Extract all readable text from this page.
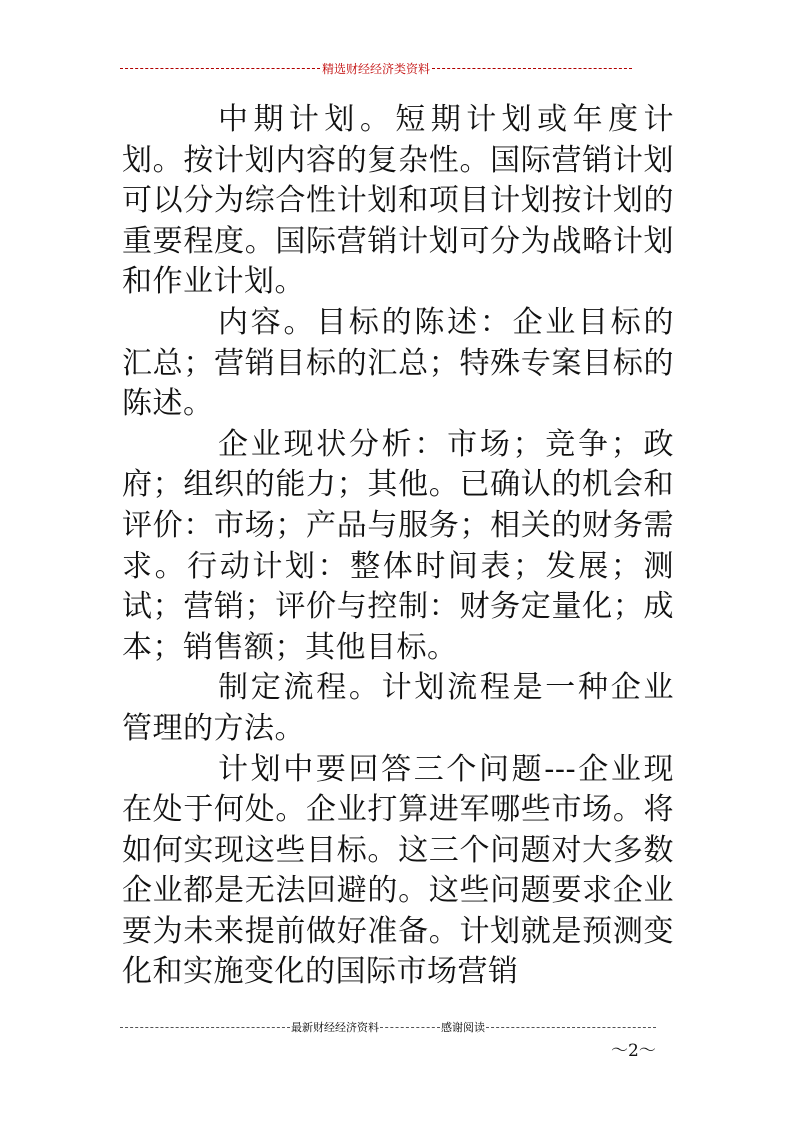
精选财经经济类资料

中期计划。短期计划或年度计划。按计划内容的复杂性。国际营销计划可以分为综合性计划和项目计划按计划的重要程度。国际营销计划可分为战略计划和作业计划。

内容。目标的陈述：企业目标的汇总；营销目标的汇总；特殊专案目标的陈述。

企业现状分析：市场；竞争；政府；组织的能力；其他。已确认的机会和评价：市场；产品与服务；相关的财务需求。行动计划：整体时间表；发展；测试；营销；评价与控制：财务定量化；成本；销售额；其他目标。

制定流程。计划流程是一种企业管理的方法。

计划中要回答三个问题---企业现在处于何处。企业打算进军哪些市场。将如何实现这些目标。这三个问题对大多数企业都是无法回避的。这些问题要求企业要为未来提前做好准备。计划就是预测变化和实施变化的国际市场营销

最新财经经济资料	感谢阅读
～2～
